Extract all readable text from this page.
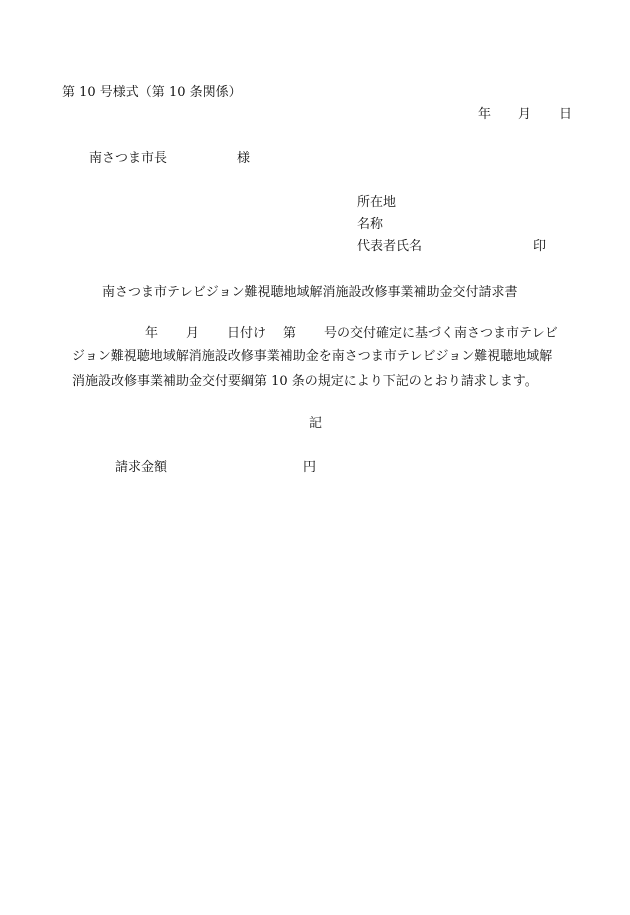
第 10 号様式（第 10 条関係）
年 月 日
南さつま市長	様
所在地
名称
代表者氏名	印
南さつま市テレビジョン難視聴地域解消施設改修事業補助金交付請求書
年 月 日付け 第 号の交付確定に基づく南さつま市テレビ
ジョン難視聴地域解消施設改修事業補助金を南さつま市テレビジョン難視聴地域解
消施設改修事業補助金交付要綱第 10 条の規定により下記のとおり請求します。
記
請求金額	円
